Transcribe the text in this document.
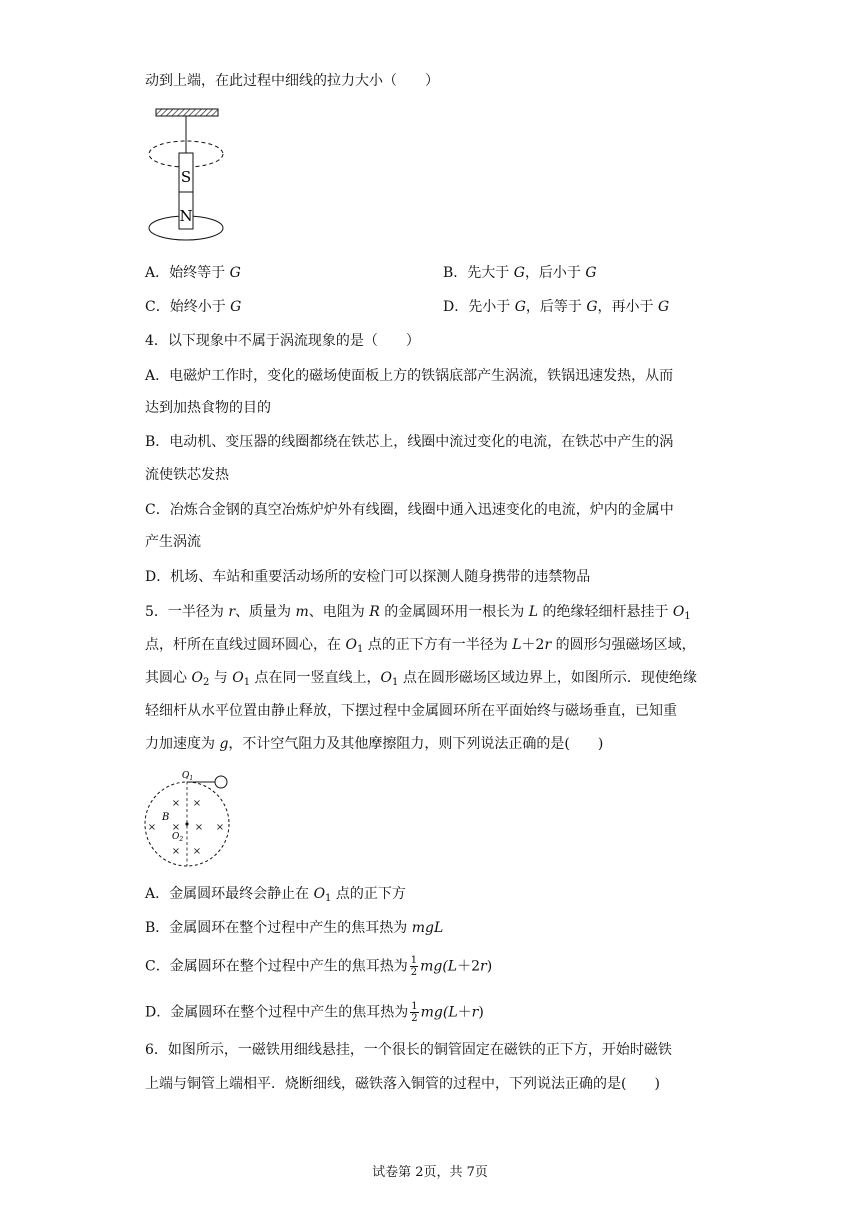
动到上端，在此过程中细线的拉力大小（　　）
S
N
A．始终等于 G	B．先大于 G，后小于 G
C．始终小于 G	D．先小于 G，后等于 G，再小于 G
4．以下现象中不属于涡流现象的是（　　）
A．电磁炉工作时，变化的磁场使面板上方的铁锅底部产生涡流，铁锅迅速发热，从而
达到加热食物的目的
B．电动机、变压器的线圈都绕在铁芯上，线圈中流过变化的电流，在铁芯中产生的涡
流使铁芯发热
C．冶炼合金钢的真空冶炼炉炉外有线圈，线圈中通入迅速变化的电流，炉内的金属中
产生涡流
D．机场、车站和重要活动场所的安检门可以探测人随身携带的违禁物品
5．一半径为 r、质量为 m、电阻为 R 的金属圆环用一根长为 L 的绝缘轻细杆悬挂于 $O_1$
点，杆所在直线过圆环圆心，在 $O_1$ 点的正下方有一半径为 L＋2r 的圆形匀强磁场区域，
其圆心 $O_2$ 与 $O_1$ 点在同一竖直线上，$O_1$ 点在圆形磁场区域边界上，如图所示．现使绝缘
轻细杆从水平位置由静止释放，下摆过程中金属圆环所在平面始终与磁场垂直，已知重
力加速度为 g，不计空气阻力及其他摩擦阻力，则下列说法正确的是(　　)
$O_1$
$O_2$
B
× ×
× × × ×
× ×
A．金属圆环最终会静止在 $O_1$ 点的正下方
B．金属圆环在整个过程中产生的焦耳热为 mgL
C．金属圆环在整个过程中产生的焦耳热为 $\frac{1}{2} mg(L+2r)$
D．金属圆环在整个过程中产生的焦耳热为 $\frac{1}{2} mg(L+r)$
6．如图所示，一磁铁用细线悬挂，一个很长的铜管固定在磁铁的正下方，开始时磁铁
上端与铜管上端相平．烧断细线，磁铁落入铜管的过程中，下列说法正确的是(　　)
试卷第 2页，共 7页
